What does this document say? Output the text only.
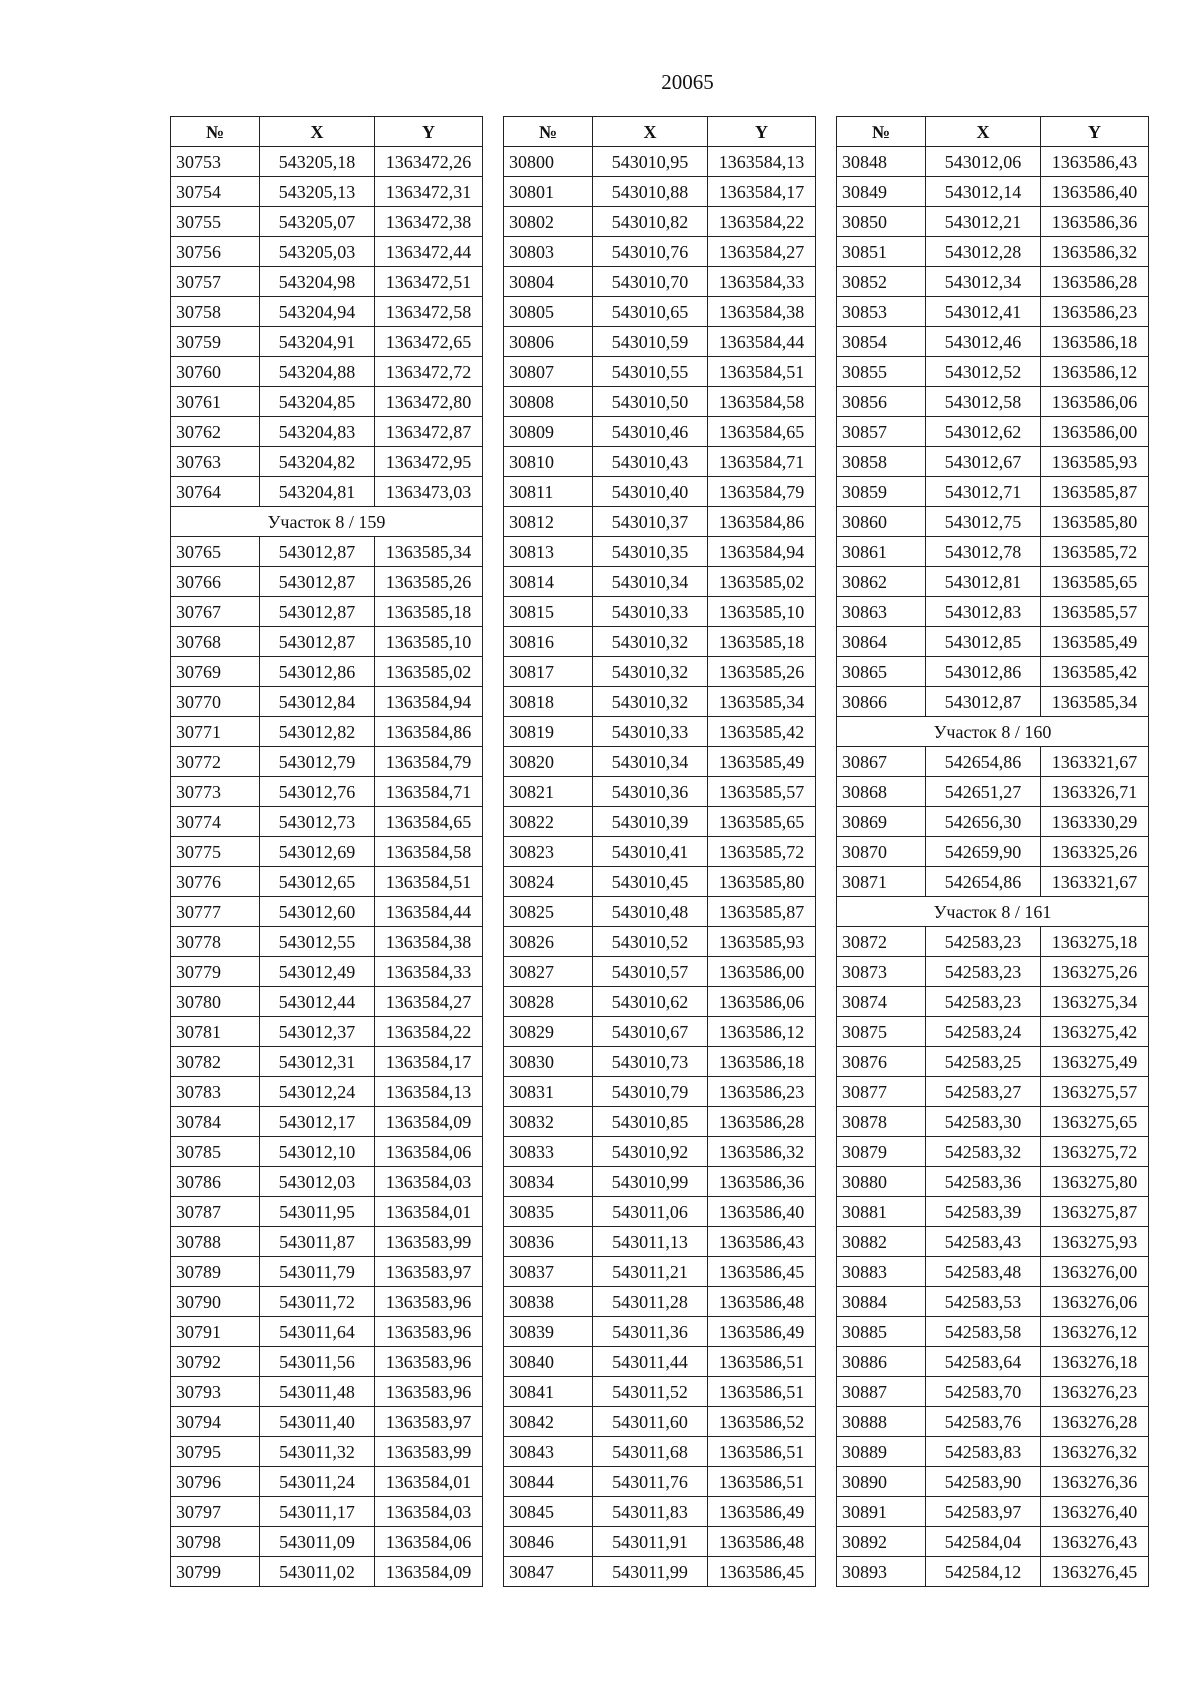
20065
№	X	Y
30753	543205,18	1363472,26
30754	543205,13	1363472,31
30755	543205,07	1363472,38
30756	543205,03	1363472,44
30757	543204,98	1363472,51
30758	543204,94	1363472,58
30759	543204,91	1363472,65
30760	543204,88	1363472,72
30761	543204,85	1363472,80
30762	543204,83	1363472,87
30763	543204,82	1363472,95
30764	543204,81	1363473,03
Участок 8 / 159		
30765	543012,87	1363585,34
30766	543012,87	1363585,26
30767	543012,87	1363585,18
30768	543012,87	1363585,10
30769	543012,86	1363585,02
30770	543012,84	1363584,94
30771	543012,82	1363584,86
30772	543012,79	1363584,79
30773	543012,76	1363584,71
30774	543012,73	1363584,65
30775	543012,69	1363584,58
30776	543012,65	1363584,51
30777	543012,60	1363584,44
30778	543012,55	1363584,38
30779	543012,49	1363584,33
30780	543012,44	1363584,27
30781	543012,37	1363584,22
30782	543012,31	1363584,17
30783	543012,24	1363584,13
30784	543012,17	1363584,09
30785	543012,10	1363584,06
30786	543012,03	1363584,03
30787	543011,95	1363584,01
30788	543011,87	1363583,99
30789	543011,79	1363583,97
30790	543011,72	1363583,96
30791	543011,64	1363583,96
30792	543011,56	1363583,96
30793	543011,48	1363583,96
30794	543011,40	1363583,97
30795	543011,32	1363583,99
30796	543011,24	1363584,01
30797	543011,17	1363584,03
30798	543011,09	1363584,06
30799	543011,02	1363584,09
№	X	Y
30800	543010,95	1363584,13
30801	543010,88	1363584,17
30802	543010,82	1363584,22
30803	543010,76	1363584,27
30804	543010,70	1363584,33
30805	543010,65	1363584,38
30806	543010,59	1363584,44
30807	543010,55	1363584,51
30808	543010,50	1363584,58
30809	543010,46	1363584,65
30810	543010,43	1363584,71
30811	543010,40	1363584,79
30812	543010,37	1363584,86
30813	543010,35	1363584,94
30814	543010,34	1363585,02
30815	543010,33	1363585,10
30816	543010,32	1363585,18
30817	543010,32	1363585,26
30818	543010,32	1363585,34
30819	543010,33	1363585,42
30820	543010,34	1363585,49
30821	543010,36	1363585,57
30822	543010,39	1363585,65
30823	543010,41	1363585,72
30824	543010,45	1363585,80
30825	543010,48	1363585,87
30826	543010,52	1363585,93
30827	543010,57	1363586,00
30828	543010,62	1363586,06
30829	543010,67	1363586,12
30830	543010,73	1363586,18
30831	543010,79	1363586,23
30832	543010,85	1363586,28
30833	543010,92	1363586,32
30834	543010,99	1363586,36
30835	543011,06	1363586,40
30836	543011,13	1363586,43
30837	543011,21	1363586,45
30838	543011,28	1363586,48
30839	543011,36	1363586,49
30840	543011,44	1363586,51
30841	543011,52	1363586,51
30842	543011,60	1363586,52
30843	543011,68	1363586,51
30844	543011,76	1363586,51
30845	543011,83	1363586,49
30846	543011,91	1363586,48
30847	543011,99	1363586,45
№	X	Y
30848	543012,06	1363586,43
30849	543012,14	1363586,40
30850	543012,21	1363586,36
30851	543012,28	1363586,32
30852	543012,34	1363586,28
30853	543012,41	1363586,23
30854	543012,46	1363586,18
30855	543012,52	1363586,12
30856	543012,58	1363586,06
30857	543012,62	1363586,00
30858	543012,67	1363585,93
30859	543012,71	1363585,87
30860	543012,75	1363585,80
30861	543012,78	1363585,72
30862	543012,81	1363585,65
30863	543012,83	1363585,57
30864	543012,85	1363585,49
30865	543012,86	1363585,42
30866	543012,87	1363585,34
Участок 8 / 160		
30867	542654,86	1363321,67
30868	542651,27	1363326,71
30869	542656,30	1363330,29
30870	542659,90	1363325,26
30871	542654,86	1363321,67
Участок 8 / 161		
30872	542583,23	1363275,18
30873	542583,23	1363275,26
30874	542583,23	1363275,34
30875	542583,24	1363275,42
30876	542583,25	1363275,49
30877	542583,27	1363275,57
30878	542583,30	1363275,65
30879	542583,32	1363275,72
30880	542583,36	1363275,80
30881	542583,39	1363275,87
30882	542583,43	1363275,93
30883	542583,48	1363276,00
30884	542583,53	1363276,06
30885	542583,58	1363276,12
30886	542583,64	1363276,18
30887	542583,70	1363276,23
30888	542583,76	1363276,28
30889	542583,83	1363276,32
30890	542583,90	1363276,36
30891	542583,97	1363276,40
30892	542584,04	1363276,43
30893	542584,12	1363276,45
